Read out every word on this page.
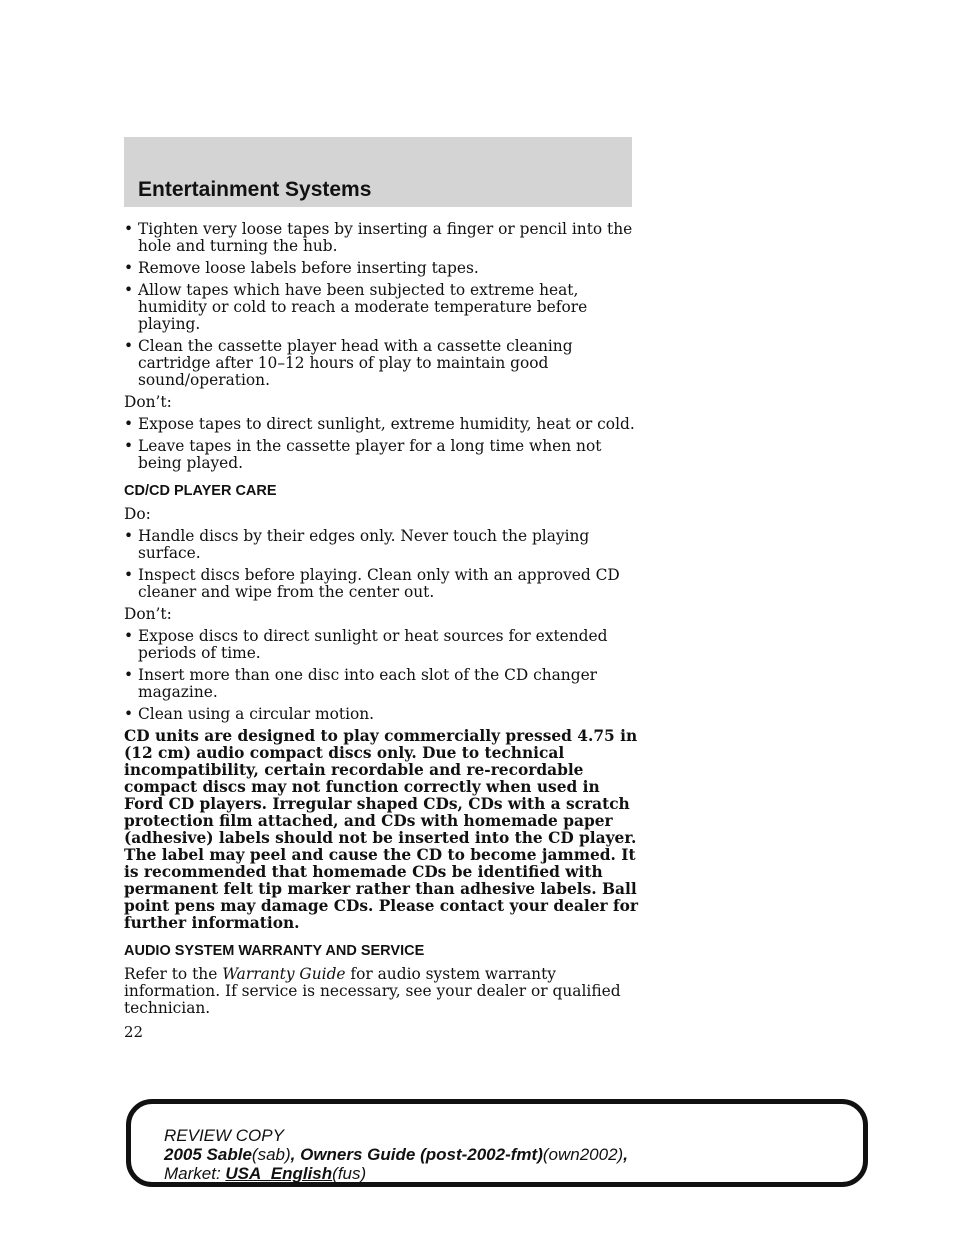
Entertainment Systems
• Tighten very loose tapes by inserting a finger or pencil into the hole and turning the hub.
• Remove loose labels before inserting tapes.
• Allow tapes which have been subjected to extreme heat, humidity or cold to reach a moderate temperature before playing.
• Clean the cassette player head with a cassette cleaning cartridge after 10–12 hours of play to maintain good sound/operation.
Don’t:
• Expose tapes to direct sunlight, extreme humidity, heat or cold.
• Leave tapes in the cassette player for a long time when not being played.
CD/CD PLAYER CARE
Do:
• Handle discs by their edges only. Never touch the playing surface.
• Inspect discs before playing. Clean only with an approved CD cleaner and wipe from the center out.
Don’t:
• Expose discs to direct sunlight or heat sources for extended periods of time.
• Insert more than one disc into each slot of the CD changer magazine.
• Clean using a circular motion.
CD units are designed to play commercially pressed 4.75 in (12 cm) audio compact discs only. Due to technical incompatibility, certain recordable and re-recordable compact discs may not function correctly when used in Ford CD players. Irregular shaped CDs, CDs with a scratch protection film attached, and CDs with homemade paper (adhesive) labels should not be inserted into the CD player. The label may peel and cause the CD to become jammed. It is recommended that homemade CDs be identified with permanent felt tip marker rather than adhesive labels. Ball point pens may damage CDs. Please contact your dealer for further information.
AUDIO SYSTEM WARRANTY AND SERVICE
Refer to the Warranty Guide for audio system warranty information. If service is necessary, see your dealer or qualified technician.
22
REVIEW COPY
2005 Sable(sab), Owners Guide (post-2002-fmt)(own2002),
Market: USA_English(fus)
